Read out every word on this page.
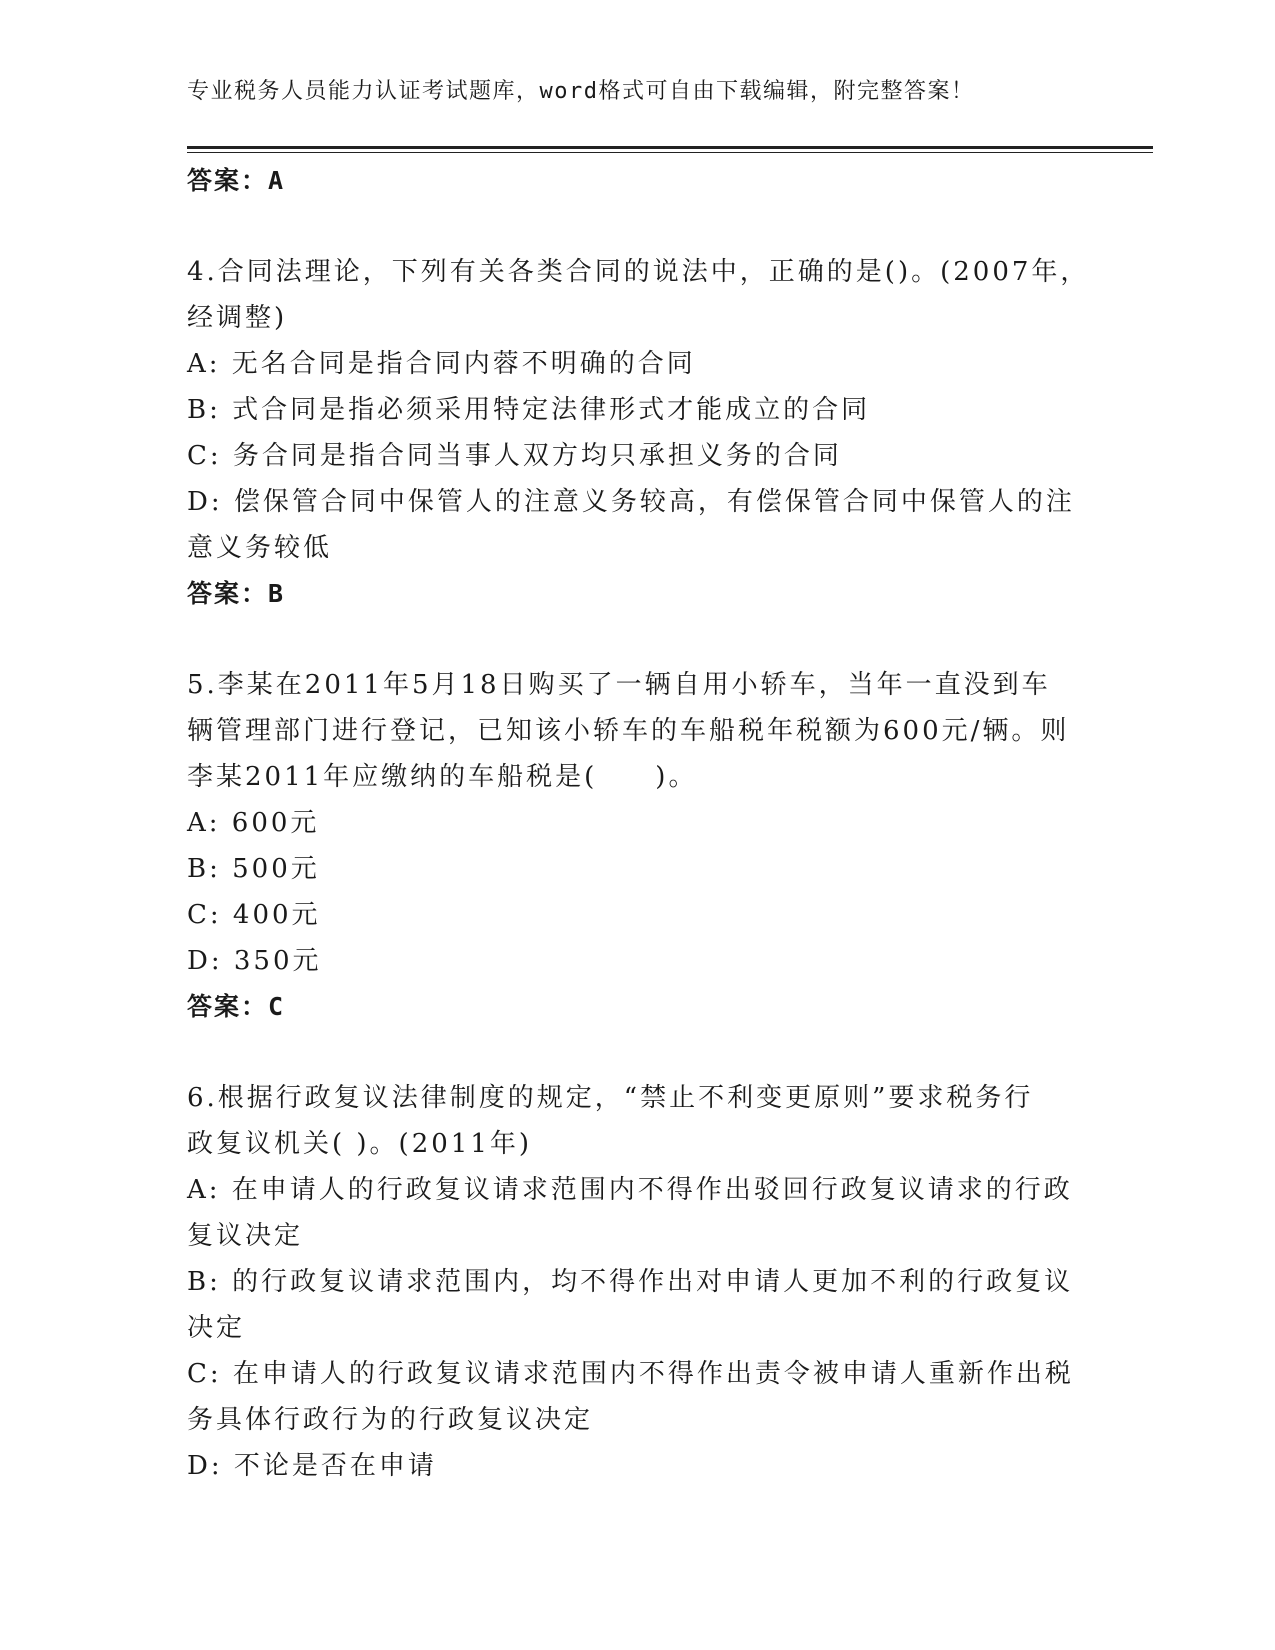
专业税务人员能力认证考试题库，word格式可自由下载编辑，附完整答案！
答案：A
4.合同法理论，下列有关各类合同的说法中，正确的是()。(2007年，
经调整)
A: 无名合同是指合同内蓉不明确的合同
B: 式合同是指必须采用特定法律形式才能成立的合同
C: 务合同是指合同当事人双方均只承担义务的合同
D: 偿保管合同中保管人的注意义务较高，有偿保管合同中保管人的注
意义务较低
答案：B
5.李某在2011年5月18日购买了一辆自用小轿车，当年一直没到车
辆管理部门进行登记，已知该小轿车的车船税年税额为600元/辆。则
李某2011年应缴纳的车船税是(　　)。
A: 600元
B: 500元
C: 400元
D: 350元
答案：C
6.根据行政复议法律制度的规定，“禁止不利变更原则”要求税务行
政复议机关( )。(2011年)
A: 在申请人的行政复议请求范围内不得作出驳回行政复议请求的行政
复议决定
B: 的行政复议请求范围内，均不得作出对申请人更加不利的行政复议
决定
C: 在申请人的行政复议请求范围内不得作出责令被申请人重新作出税
务具体行政行为的行政复议决定
D: 不论是否在申请
